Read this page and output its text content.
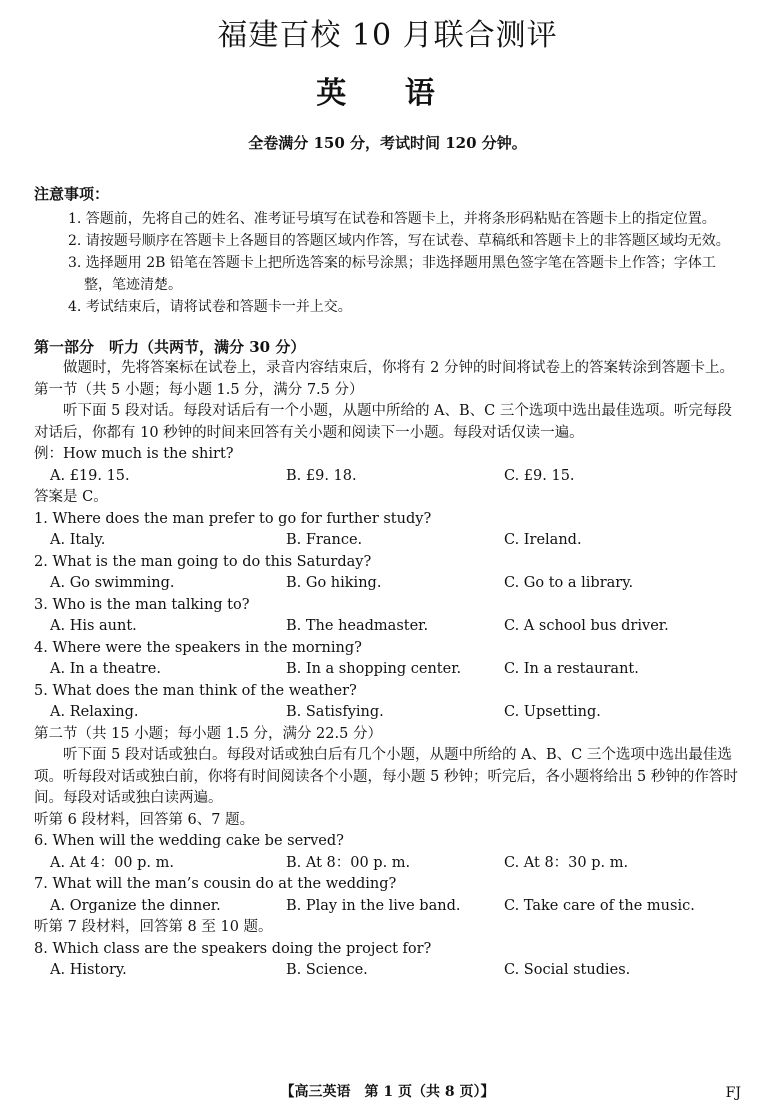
福建百校 10 月联合测评
英 语
全卷满分 150 分，考试时间 120 分钟。
注意事项：
1. 答题前，先将自己的姓名、准考证号填写在试卷和答题卡上，并将条形码粘贴在答题卡上的指定位置。
2. 请按题号顺序在答题卡上各题目的答题区域内作答，写在试卷、草稿纸和答题卡上的非答题区域均无效。
3. 选择题用 2B 铅笔在答题卡上把所选答案的标号涂黑；非选择题用黑色签字笔在答题卡上作答；字体工整，笔迹清楚。
4. 考试结束后，请将试卷和答题卡一并上交。
第一部分　听力（共两节，满分 30 分）

做题时，先将答案标在试卷上，录音内容结束后，你将有 2 分钟的时间将试卷上的答案转涂到答题卡上。

第一节（共 5 小题；每小题 1.5 分，满分 7.5 分）

听下面 5 段对话。每段对话后有一个小题，从题中所给的 A、B、C 三个选项中选出最佳选项。听完每段对话后，你都有 10 秒钟的时间来回答有关小题和阅读下一小题。每段对话仅读一遍。

例：How much is the shirt?

A. £19. 15.	B. £9. 18.	C. £9. 15.

答案是 C。

1. Where does the man prefer to go for further study?

A. Italy.	B. France.	C. Ireland.

2. What is the man going to do this Saturday?

A. Go swimming.	B. Go hiking.	C. Go to a library.

3. Who is the man talking to?

A. His aunt.	B. The headmaster.	C. A school bus driver.

4. Where were the speakers in the morning?

A. In a theatre.	B. In a shopping center.	C. In a restaurant.

5. What does the man think of the weather?

A. Relaxing.	B. Satisfying.	C. Upsetting.

第二节（共 15 小题；每小题 1.5 分，满分 22.5 分）

听下面 5 段对话或独白。每段对话或独白后有几个小题，从题中所给的 A、B、C 三个选项中选出最佳选项。听每段对话或独白前，你将有时间阅读各个小题，每小题 5 秒钟；听完后，各小题将给出 5 秒钟的作答时间。每段对话或独白读两遍。

听第 6 段材料，回答第 6、7 题。

6. When will the wedding cake be served?

A. At 4：00 p. m.	B. At 8：00 p. m.	C. At 8：30 p. m.

7. What will the man’s cousin do at the wedding?

A. Organize the dinner.	B. Play in the live band.	C. Take care of the music.

听第 7 段材料，回答第 8 至 10 题。

8. Which class are the speakers doing the project for?

A. History.	B. Science.	C. Social studies.
【高三英语　第 1 页（共 8 页）】	FJ
